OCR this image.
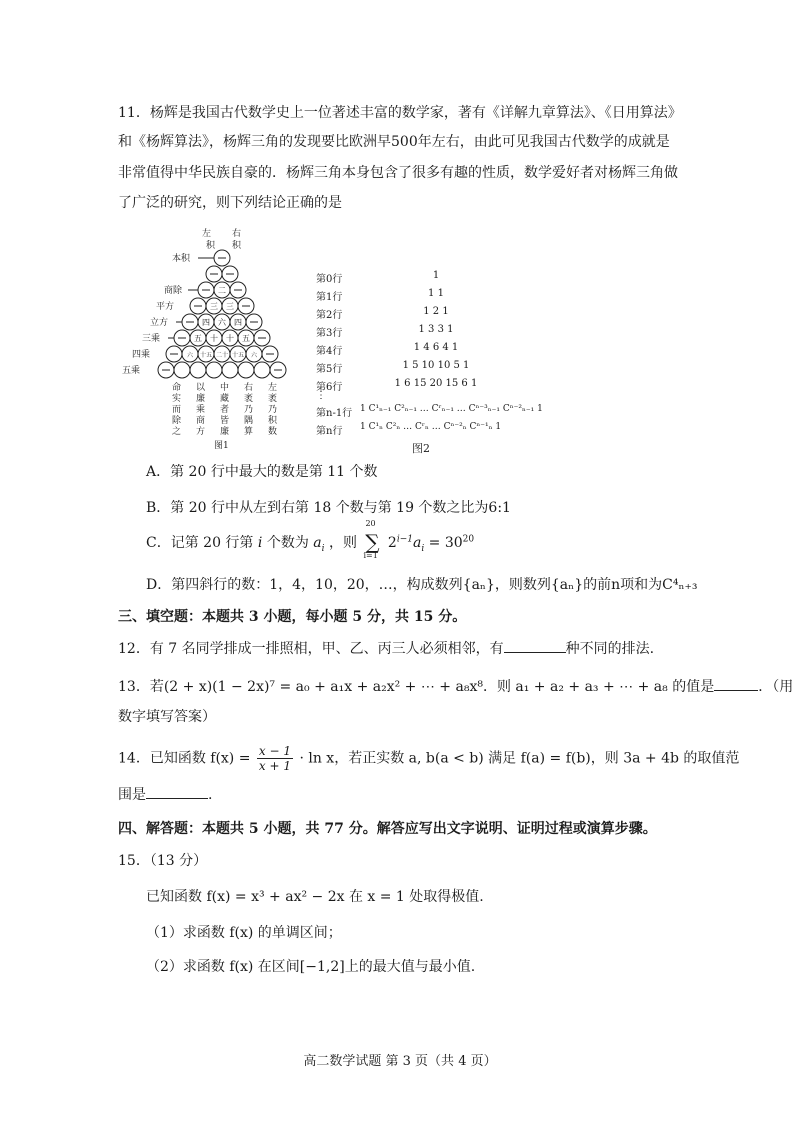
11．杨辉是我国古代数学史上一位著述丰富的数学家，著有《详解九章算法》、《日用算法》
和《杨辉算法》，杨辉三角的发现要比欧洲早500年左右，由此可见我国古代数学的成就是
非常值得中华民族自豪的．杨辉三角本身包含了很多有趣的性质，数学爱好者对杨辉三角做
了广泛的研究，则下列结论正确的是
左 右
积 积
二
三 三
四 六 四
五 十 十 五
六 十五 二十 十五 六
本积
商除
平方
立方
三乘
四乘
五乘
命
实
而
除
之
以
廉
乘
商
方
中
藏
者
皆
廉
右
袤
乃
隅
算
左
袤
乃
积
数
图1
第0行	1
第1行	1 1
第2行	1 2 1
第3行	1 3 3 1
第4行	1 4 6 4 1
第5行	1 5 10 10 5 1
第6行	1 6 15 20 15 6 1
⋮
第n-1行 1 C¹ₙ₋₁ C²ₙ₋₁ … Cʳₙ₋₁ … Cⁿ⁻³ₙ₋₁ Cⁿ⁻²ₙ₋₁ 1
第n行	1 C¹ₙ C²ₙ … Cʳₙ … Cⁿ⁻²ₙ Cⁿ⁻¹ₙ 1
图2
A．第 20 行中最大的数是第 11 个数
B．第 20 行中从左到右第 18 个数与第 19 个数之比为6:1
C．记第 20 行第 i 个数为 $a_i$ ，则
20
∑
i=1
$2^{i-1}a_i = 30^{20}$
D．第四斜行的数：1，4，10，20，…，构成数列{aₙ}，则数列{aₙ}的前n项和为C⁴ₙ₊₃
三、填空题：本题共 3 小题，每小题 5 分，共 15 分。
12．有 7 名同学排成一排照相，甲、乙、丙三人必须相邻，有	种不同的排法.
13．若(2 + x)(1 − 2x)⁷ = a₀ + a₁x + a₂x² + ⋯ + a₈x⁸．则 a₁ + a₂ + a₃ + ⋯ + a₈ 的值是	．（用
数字填写答案）
14．已知函数 $f(x) = \frac{x - 1}{x + 1} \cdot \ln x$，若正实数 a, b(a < b) 满足 f(a) = f(b)，则 3a + 4b 的取值范
围是	.
四、解答题：本题共 5 小题，共 77 分。解答应写出文字说明、证明过程或演算步骤。
15．（13 分）
已知函数 f(x) = x³ + ax² − 2x 在 x = 1 处取得极值.
（1）求函数 f(x) 的单调区间；
（2）求函数 f(x) 在区间[−1,2]上的最大值与最小值.
高二数学试题 第 3 页（共 4 页）
